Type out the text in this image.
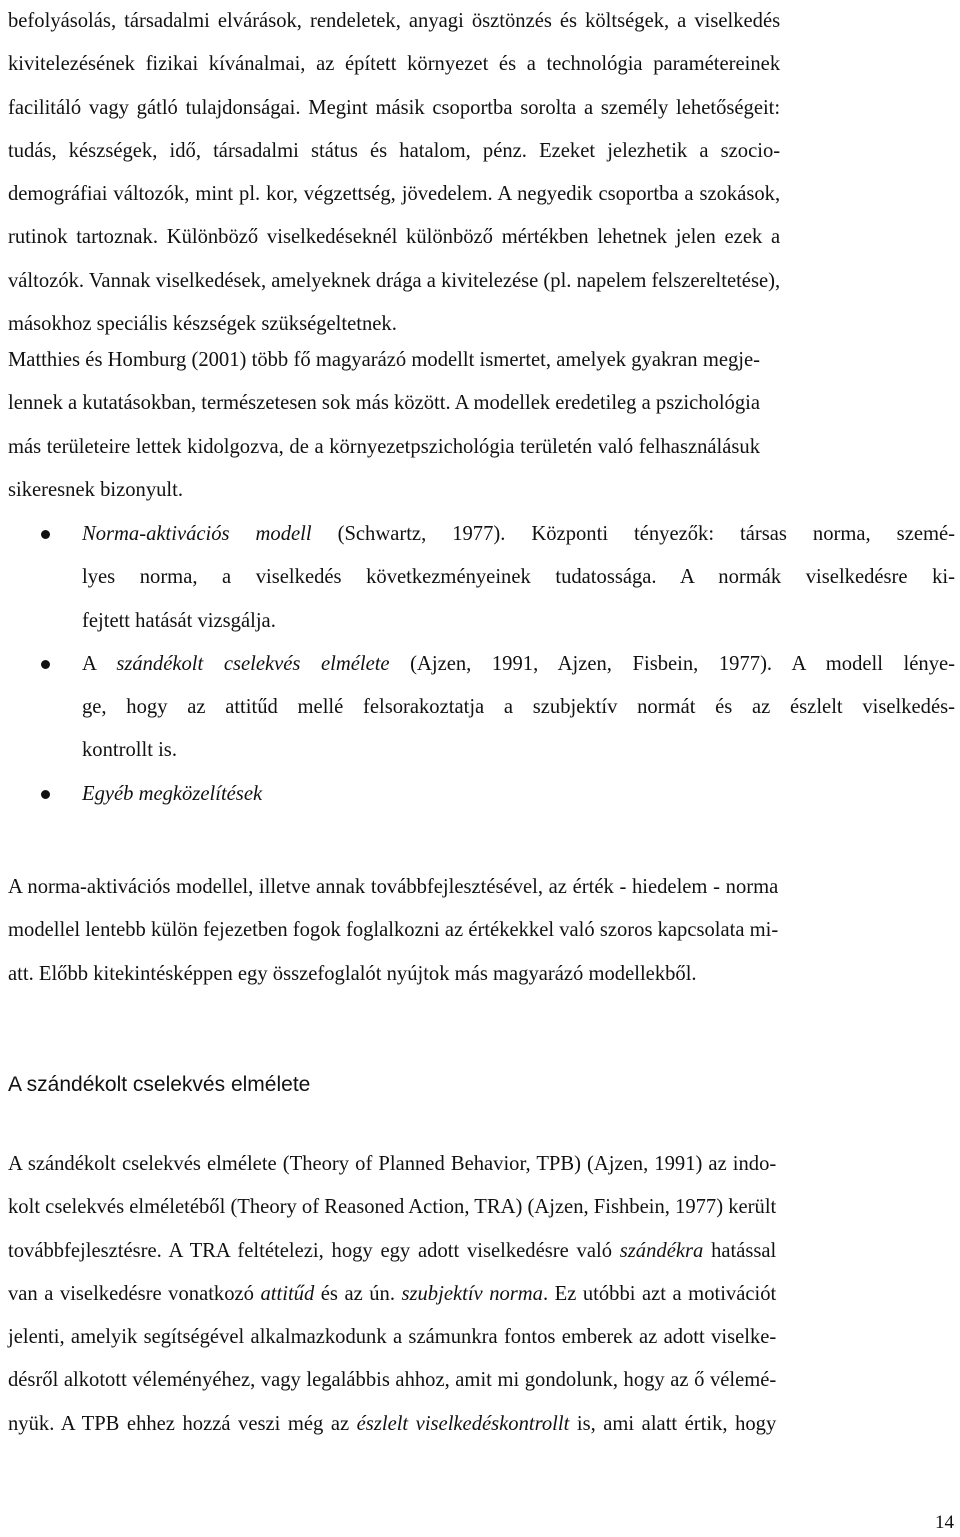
befolyásolás, társadalmi elvárások, rendeletek, anyagi ösztönzés és költségek, a viselkedés
kivitelezésének fizikai kívánalmai, az épített környezet és a technológia paramétereinek
facilitáló vagy gátló tulajdonságai. Megint másik csoportba sorolta a személy lehetőségeit:
tudás, készségek, idő, társadalmi státus és hatalom, pénz. Ezeket jelezhetik a szocio-
demográfiai változók, mint pl. kor, végzettség, jövedelem. A negyedik csoportba a szokások,
rutinok tartoznak. Különböző viselkedéseknél különböző mértékben lehetnek jelen ezek a
változók. Vannak viselkedések, amelyeknek drága a kivitelezése (pl. napelem felszereltetése),
másokhoz speciális készségek szükségeltetnek.

Matthies és Homburg (2001) több fő magyarázó modellt ismertet, amelyek gyakran megje-
lennek a kutatásokban, természetesen sok más között. A modellek eredetileg a pszichológia
más területeire lettek kidolgozva, de a környezetpszichológia területén való felhasználásuk
sikeresnek bizonyult.

Norma-aktivációs modell (Schwartz, 1977). Központi tényezők: társas norma, szemé-
lyes norma, a viselkedés következményeinek tudatossága. A normák viselkedésre ki-
fejtett hatását vizsgálja.
A szándékolt cselekvés elmélete (Ajzen, 1991, Ajzen, Fisbein, 1977). A modell lénye-
ge, hogy az attitűd mellé felsorakoztatja a szubjektív normát és az észlelt viselkedés-
kontrollt is.
Egyéb megközelítések

A norma-aktivációs modellel, illetve annak továbbfejlesztésével, az érték - hiedelem - norma
modellel lentebb külön fejezetben fogok foglalkozni az értékekkel való szoros kapcsolata mi-
att. Előbb kitekintésképpen egy összefoglalót nyújtok más magyarázó modellekből.

A szándékolt cselekvés elmélete

A szándékolt cselekvés elmélete (Theory of Planned Behavior, TPB) (Ajzen, 1991) az indo-
kolt cselekvés elméletéből (Theory of Reasoned Action, TRA) (Ajzen, Fishbein, 1977) került
továbbfejlesztésre. A TRA feltételezi, hogy egy adott viselkedésre való szándékra hatással
van a viselkedésre vonatkozó attitűd és az ún. szubjektív norma. Ez utóbbi azt a motivációt
jelenti, amelyik segítségével alkalmazkodunk a számunkra fontos emberek az adott viselke-
désről alkotott véleményéhez, vagy legalábbis ahhoz, amit mi gondolunk, hogy az ő vélemé-
nyük. A TPB ehhez hozzá veszi még az észlelt viselkedéskontrollt is, ami alatt értik, hogy

14
